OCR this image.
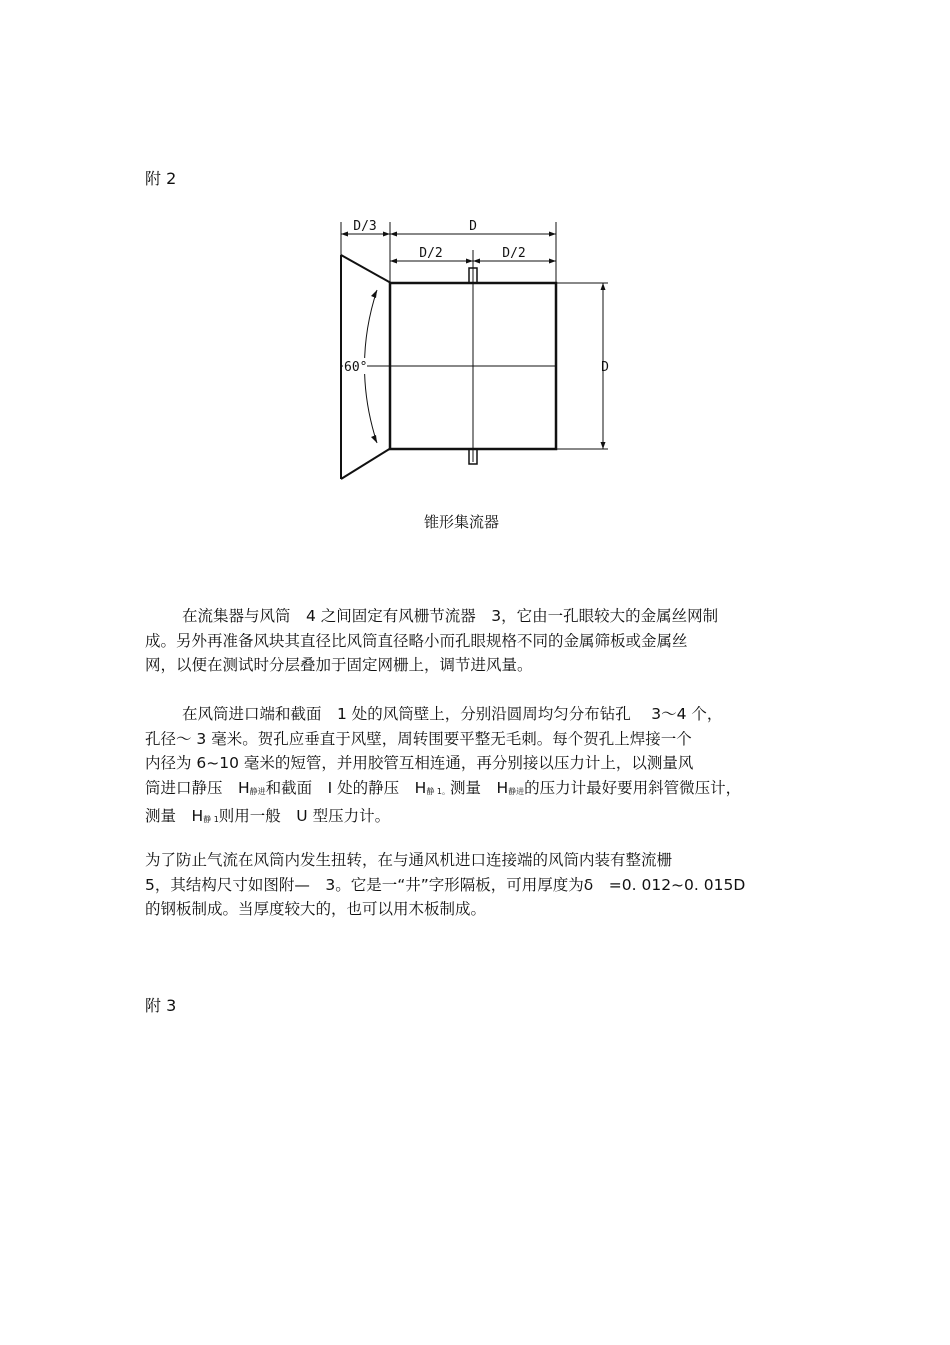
附 2
D/3	D
D/2	D/2
D
60°
锥形集流器
在流集器与风筒　4 之间固定有风栅节流器　3，它由一孔眼较大的金属丝网制
成。另外再准备风块其直径比风筒直径略小而孔眼规格不同的金属筛板或金属丝
网，以便在测试时分层叠加于固定网栅上，调节进风量。
在风筒进口端和截面　1 处的风筒壁上，分别沿圆周均匀分布钻孔　 3～4 个，
孔径～ 3 毫米。贺孔应垂直于风壁，周转围要平整无毛刺。每个贺孔上焊接一个
内径为 6~10 毫米的短管，并用胶管互相连通，再分别接以压力计上，以测量风
筒进口静压　H静进和截面　I 处的静压　H静 1。测量　H静进的压力计最好要用斜管微压计，
测量　H静 1则用一般　U 型压力计。
为了防止气流在风筒内发生扭转，在与通风机进口连接端的风筒内装有整流栅
5，其结构尺寸如图附—　3。它是一“井”字形隔板，可用厚度为δ　=0. 012~0. 015D
的钢板制成。当厚度较大的，也可以用木板制成。
附 3
